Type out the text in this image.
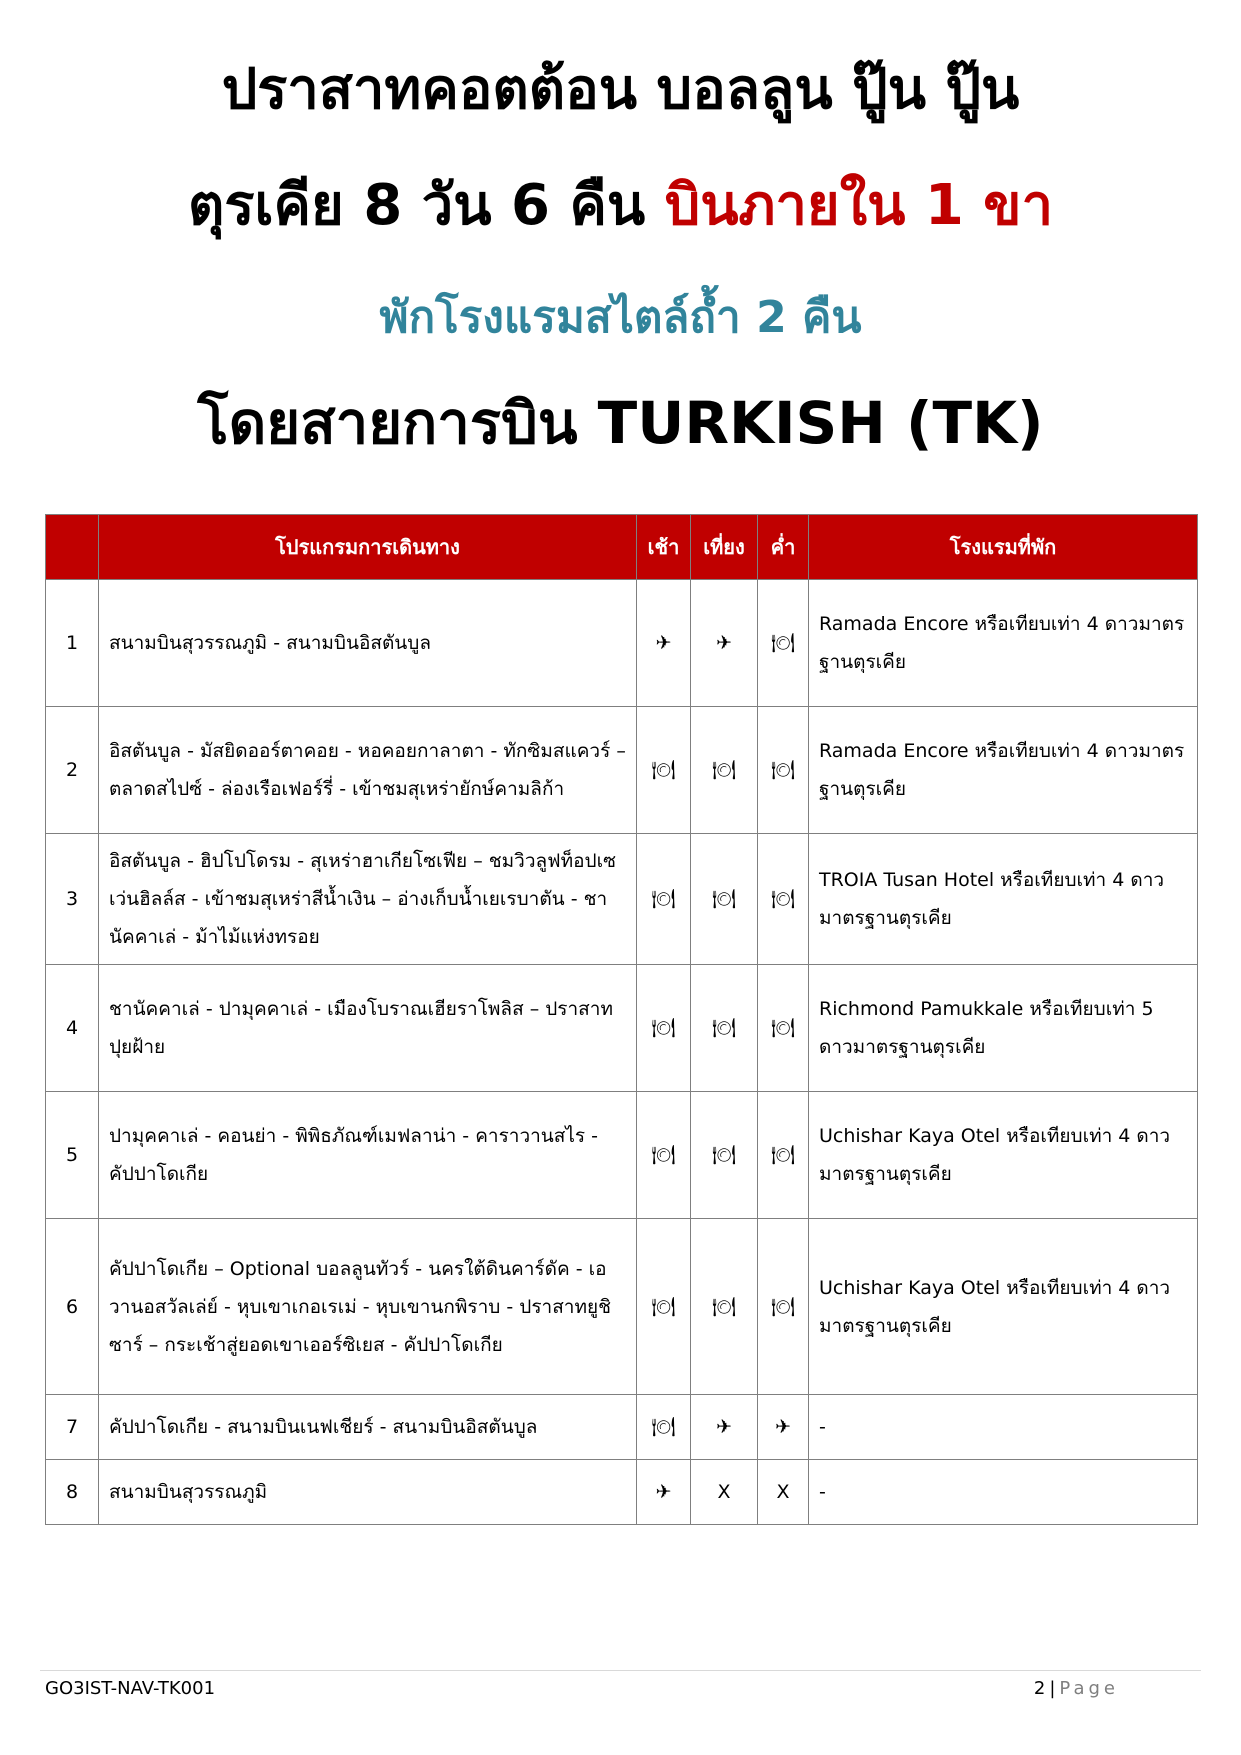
ปราสาทคอตต้อน บอลลูน ปู๊น ปู๊น
ตุรเคีย 8 วัน 6 คืน บินภายใน 1 ขา
พักโรงแรมสไตล์ถ้ำ 2 คืน
โดยสายการบิน TURKISH (TK)
	โปรแกรมการเดินทาง	เช้า	เที่ยง	ค่ำ	โรงแรมที่พัก
1	สนามบินสุวรรณภูมิ - สนามบินอิสตันบูล	✈	✈	🍽	Ramada Encore หรือเทียบเท่า 4 ดาวมาตรฐานตุรเคีย
2	อิสตันบูล - มัสยิดออร์ตาคอย - หอคอยกาลาตา - ทักซิมสแควร์ – ตลาดสไปซ์ - ล่องเรือเฟอร์รี่ - เข้าชมสุเหร่ายักษ์คามลิก้า	🍽	🍽	🍽	Ramada Encore หรือเทียบเท่า 4 ดาวมาตรฐานตุรเคีย
3	อิสตันบูล - ฮิปโปโดรม - สุเหร่าฮาเกียโซเฟีย – ชมวิวลูฟท็อปเซเว่นฮิลล์ส - เข้าชมสุเหร่าสีน้ำเงิน – อ่างเก็บน้ำเยเรบาตัน - ชานัคคาเล่ - ม้าไม้แห่งทรอย	🍽	🍽	🍽	TROIA Tusan Hotel หรือเทียบเท่า 4 ดาว มาตรฐานตุรเคีย
4	ชานัคคาเล่ - ปามุคคาเล่ - เมืองโบราณเฮียราโพลิส – ปราสาทปุยฝ้าย	🍽	🍽	🍽	Richmond Pamukkale หรือเทียบเท่า 5 ดาวมาตรฐานตุรเคีย
5	ปามุคคาเล่ - คอนย่า - พิพิธภัณฑ์เมฟลาน่า - คาราวานสไร - คัปปาโดเกีย	🍽	🍽	🍽	Uchishar Kaya Otel หรือเทียบเท่า 4 ดาวมาตรฐานตุรเคีย
6	คัปปาโดเกีย – Optional บอลลูนทัวร์ - นครใต้ดินคาร์ดัค - เอวานอสวัลเล่ย์ - หุบเขาเกอเรเม่ - หุบเขานกพิราบ - ปราสาทยูชิซาร์ – กระเช้าสู่ยอดเขาเออร์ซิเยส - คัปปาโดเกีย	🍽	🍽	🍽	Uchishar Kaya Otel หรือเทียบเท่า 4 ดาวมาตรฐานตุรเคีย
7	คัปปาโดเกีย - สนามบินเนฟเชียร์ - สนามบินอิสตันบูล	🍽	✈	✈	-
8	สนามบินสุวรรณภูมิ	✈	X	X	-
GO3IST-NAV-TK001	2 | Page
